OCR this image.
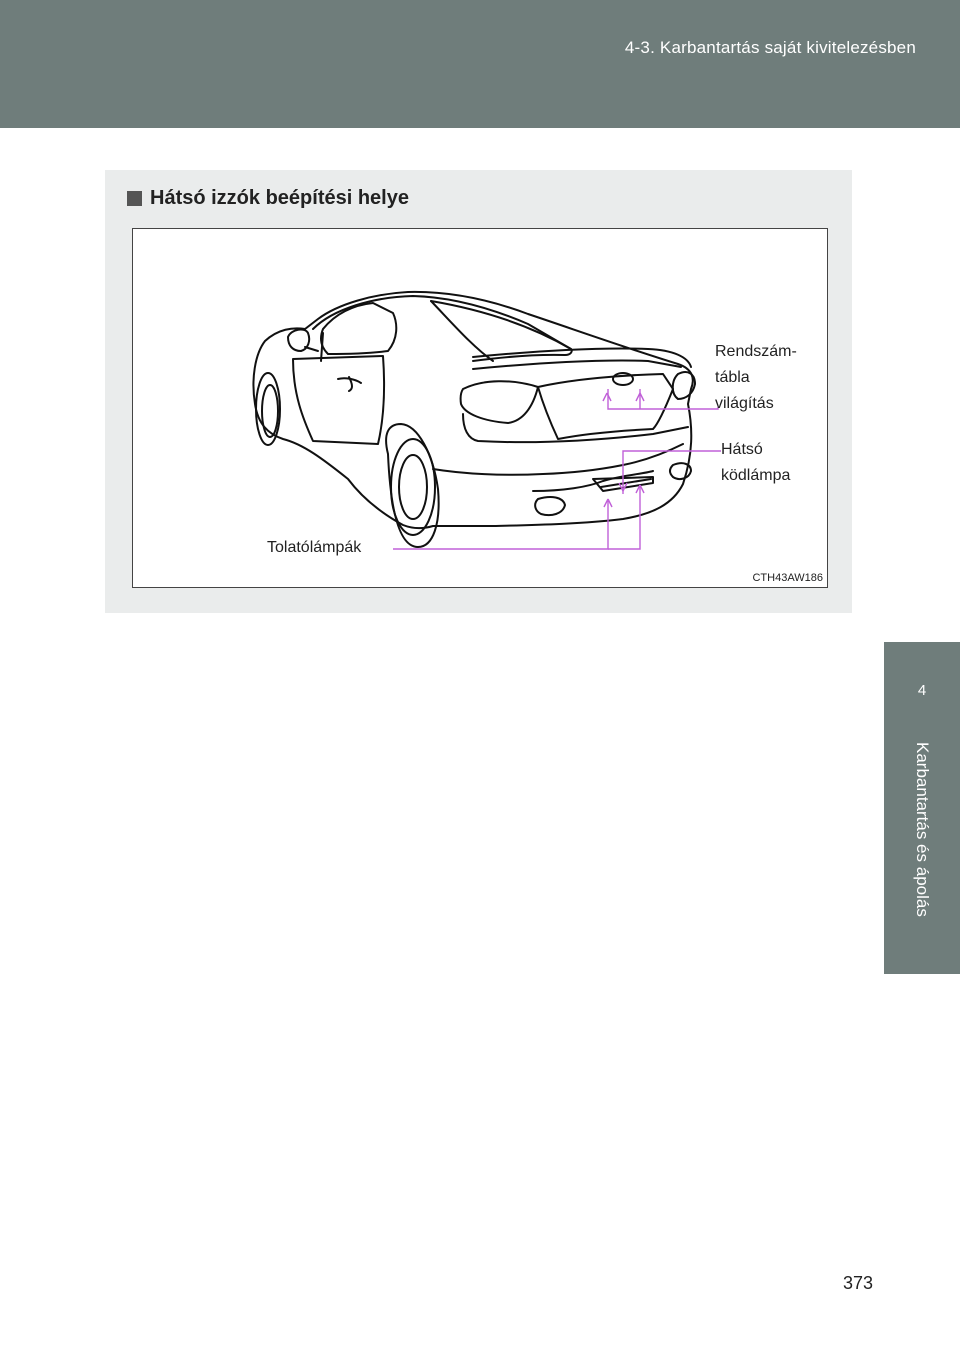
4-3. Karbantartás saját kivitelezésben
4
Karbantartás és ápolás
Hátsó izzók beépítési helye
Rendszám-
tábla
világítás
Hátsó
ködlámpa
Tolatólámpák
CTH43AW186
373
